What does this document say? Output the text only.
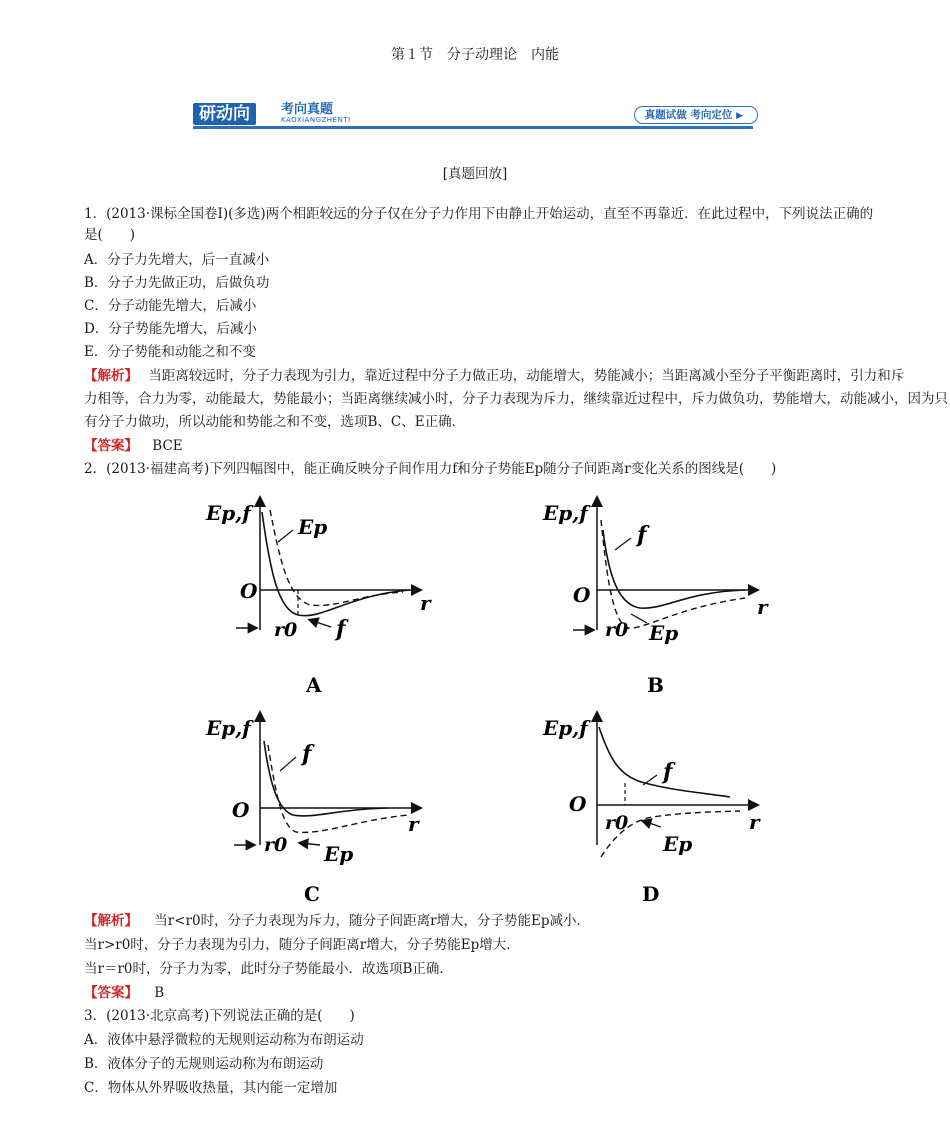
第１节　分子动理论　内能
研动向	考向真题
KAOXIANGZHENTI	真题试做 考向定位 ▶
[真题回放]
1．(2013·课标全国卷Ⅰ)(多选)两个相距较远的分子仅在分子力作用下由静止开始运动，直至不再靠近．在此过程中，下列说法正确的
是(　　)
A．分子力先增大，后一直减小
B．分子力先做正功，后做负功
C．分子动能先增大，后减小
D．分子势能先增大，后减小
E．分子势能和动能之和不变
【解析】 当距离较远时，分子力表现为引力，靠近过程中分子力做正功，动能增大，势能减小；当距离减小至分子平衡距离时，引力和斥
力相等，合力为零，动能最大，势能最小；当距离继续减小时，分子力表现为斥力，继续靠近过程中，斥力做负功，势能增大，动能减小，因为只
有分子力做功，所以动能和势能之和不变，选项B、C、E正确．
【答案】 BCE
2．(2013·福建高考)下列四幅图中，能正确反映分子间作用力f和分子势能Ep随分子间距离r变化关系的图线是(　　)
Ep,f
O	r
Ep
r0 f
A
Ep,f
O	r
f
r0 Ep
B
Ep,f
O
r
f
r0 Ep
C
Ep,f
O
r
f
r0
Ep
D
【解析】 当r<r0时，分子力表现为斥力，随分子间距离r增大，分子势能Ep减小．
当r>r0时，分子力表现为引力，随分子间距离r增大，分子势能Ep增大．
当r＝r0时，分子力为零，此时分子势能最小．故选项B正确．
【答案】 B
3．(2013·北京高考)下列说法正确的是(　　)
A．液体中悬浮微粒的无规则运动称为布朗运动
B．液体分子的无规则运动称为布朗运动
C．物体从外界吸收热量，其内能一定增加
